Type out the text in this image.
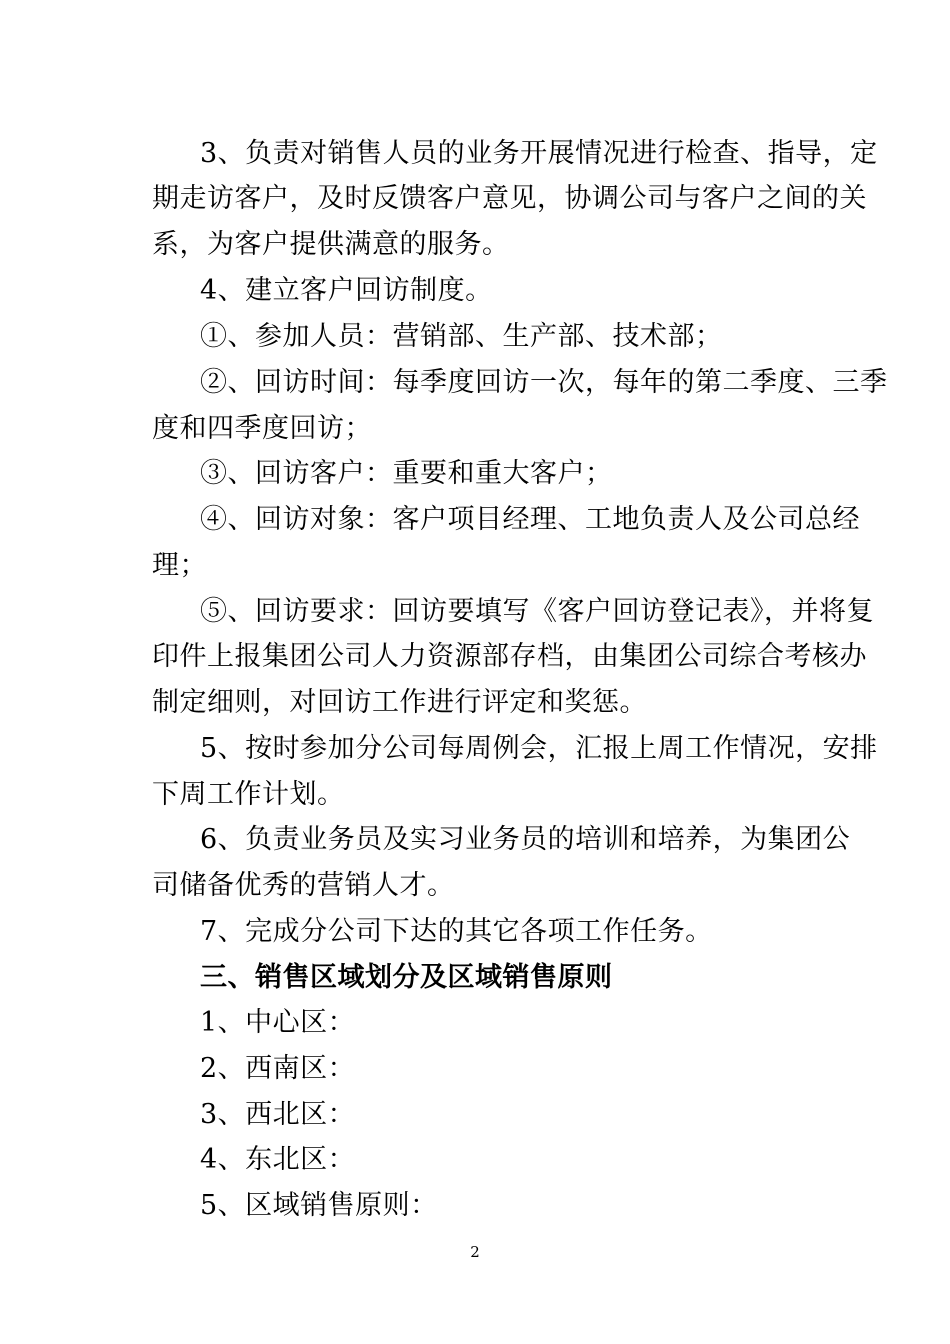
3、负责对销售人员的业务开展情况进行检查、指导，定
期走访客户，及时反馈客户意见，协调公司与客户之间的关
系，为客户提供满意的服务。
4、建立客户回访制度。
①、参加人员：营销部、生产部、技术部；
②、回访时间：每季度回访一次，每年的第二季度、三季
度和四季度回访；
③、回访客户：重要和重大客户；
④、回访对象：客户项目经理、工地负责人及公司总经
理；
⑤、回访要求：回访要填写《客户回访登记表》，并将复
印件上报集团公司人力资源部存档，由集团公司综合考核办
制定细则，对回访工作进行评定和奖惩。
5、按时参加分公司每周例会，汇报上周工作情况，安排
下周工作计划。
6、负责业务员及实习业务员的培训和培养，为集团公
司储备优秀的营销人才。
7、完成分公司下达的其它各项工作任务。
三、销售区域划分及区域销售原则
1、中心区：
2、西南区：
3、西北区：
4、东北区：
5、区域销售原则：
2
